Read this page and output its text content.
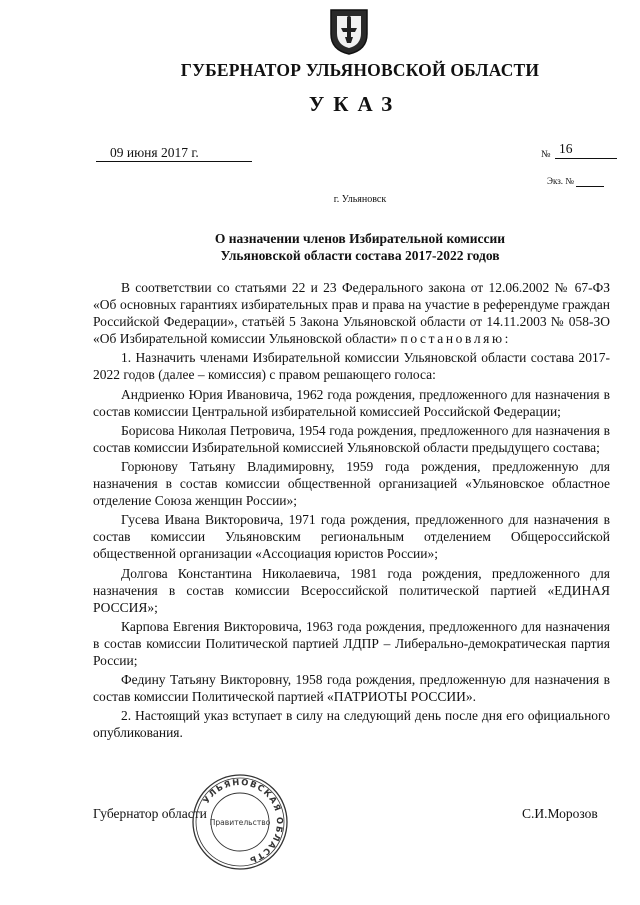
ГУБЕРНАТОР УЛЬЯНОВСКОЙ ОБЛАСТИ
УКАЗ
09 июня 2017 г.	№ 16
Экз. №
г. Ульяновск
О назначении членов Избирательной комиссии
Ульяновской области состава 2017-2022 годов

В соответствии со статьями 22 и 23 Федерального закона от 12.06.2002 № 67-ФЗ «Об основных гарантиях избирательных прав и права на участие в референдуме граждан Российской Федерации», статьёй 5 Закона Ульяновской области от 14.11.2003 № 058-ЗО «Об Избирательной комиссии Ульяновской области» постановляю:

1. Назначить членами Избирательной комиссии Ульяновской области состава 2017-2022 годов (далее – комиссия) с правом решающего голоса:

Андриенко Юрия Ивановича, 1962 года рождения, предложенного для назначения в состав комиссии Центральной избирательной комиссией Российской Федерации;

Борисова Николая Петровича, 1954 года рождения, предложенного для назначения в состав комиссии Избирательной комиссией Ульяновской области предыдущего состава;

Горюнову Татьяну Владимировну, 1959 года рождения, предложенную для назначения в состав комиссии общественной организацией «Ульяновское областное отделение Союза женщин России»;

Гусева Ивана Викторовича, 1971 года рождения, предложенного для назначения в состав комиссии Ульяновским региональным отделением Общероссийской общественной организации «Ассоциация юристов России»;

Долгова Константина Николаевича, 1981 года рождения, предложенного для назначения в состав комиссии Всероссийской политической партией «ЕДИНАЯ РОССИЯ»;

Карпова Евгения Викторовича, 1963 года рождения, предложенного для назначения в состав комиссии Политической партией ЛДПР – Либерально-демократическая партия России;

Федину Татьяну Викторовну, 1958 года рождения, предложенную для назначения в состав комиссии Политической партией «ПАТРИОТЫ РОССИИ».

2. Настоящий указ вступает в силу на следующий день после дня его официального опубликования.

Губернатор области	С.И.Морозов
УЛЬЯНОВСКАЯ ОБЛАСТЬ
Правительство
